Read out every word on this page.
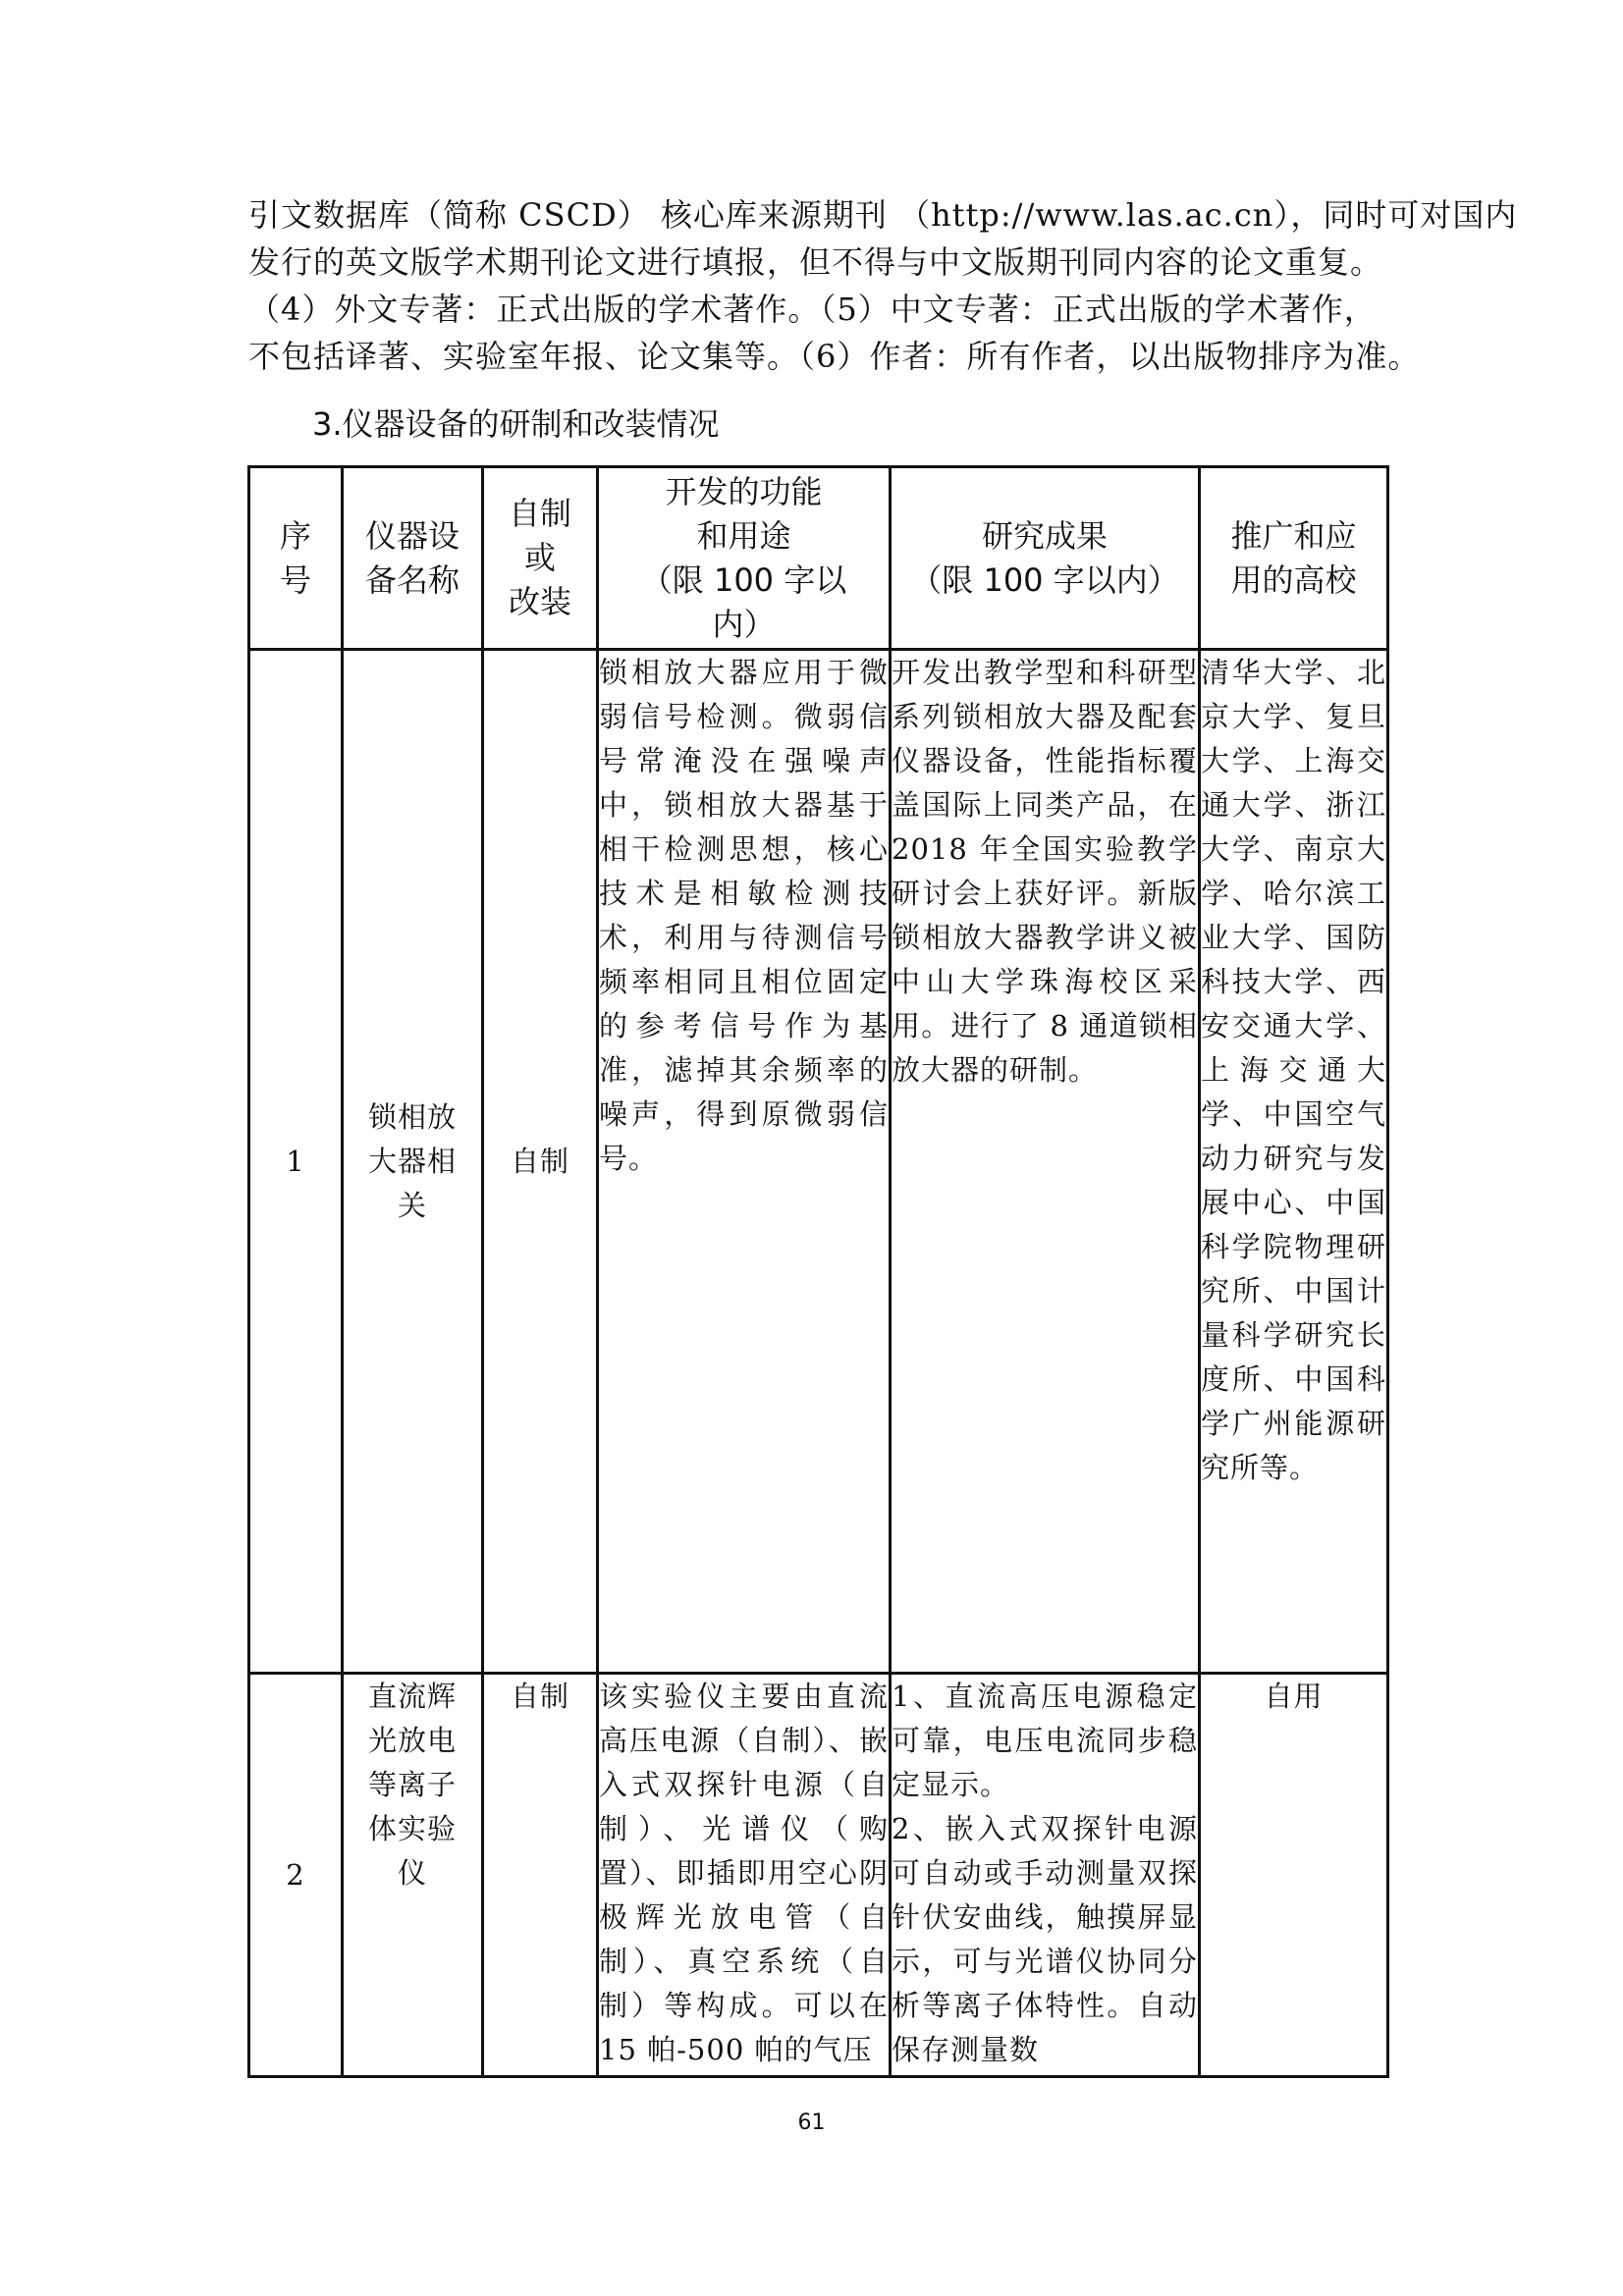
引文数据库（简称 CSCD） 核心库来源期刊 （http://www.las.ac.cn），同时可对国内

发行的英文版学术期刊论文进行填报，但不得与中文版期刊同内容的论文重复。

（4）外文专著：正式出版的学术著作。（5）中文专著：正式出版的学术著作，

不包括译著、实验室年报、论文集等。（6）作者：所有作者，以出版物排序为准。

3.仪器设备的研制和改装情况
序
号	仪器设
备名称	自制
或
改装	开发的功能
和用途
（限 100 字以
内）	研究成果
（限 100 字以内）	推广和应
用的高校
1	锁相放
大器相
关	自制	锁相放大器应用于微弱信号检测。微弱信号常淹没在强噪声中，锁相放大器基于相干检测思想，核心技术是相敏检测技术，利用与待测信号频率相同且相位固定的参考信号作为基准，滤掉其余频率的噪声，得到原微弱信号。	开发出教学型和科研型系列锁相放大器及配套仪器设备，性能指标覆盖国际上同类产品，在 2018 年全国实验教学研讨会上获好评。新版锁相放大器教学讲义被中山大学珠海校区采用。进行了 8 通道锁相放大器的研制。	清华大学、北京大学、复旦大学、上海交通大学、浙江大学、南京大学、哈尔滨工业大学、国防科技大学、西安交通大学、上海交通大学、中国空气动力研究与发展中心、中国科学院物理研究所、中国计量科学研究长度所、中国科学广州能源研究所等。

2	直流辉
光放电
等离子
体实验
仪	自制	该实验仪主要由直流高压电源（自制）、嵌入式双探针电源（自制）、光谱仪（购置）、即插即用空心阴极辉光放电管（自制）、真空系统（自制）等构成。可以在 15 帕-500 帕的气压	1、直流高压电源稳定可靠，电压电流同步稳定显示。
2、嵌入式双探针电源可自动或手动测量双探针伏安曲线，触摸屏显示，可与光谱仪协同分析等离子体特性。自动保存测量数	自用
61
